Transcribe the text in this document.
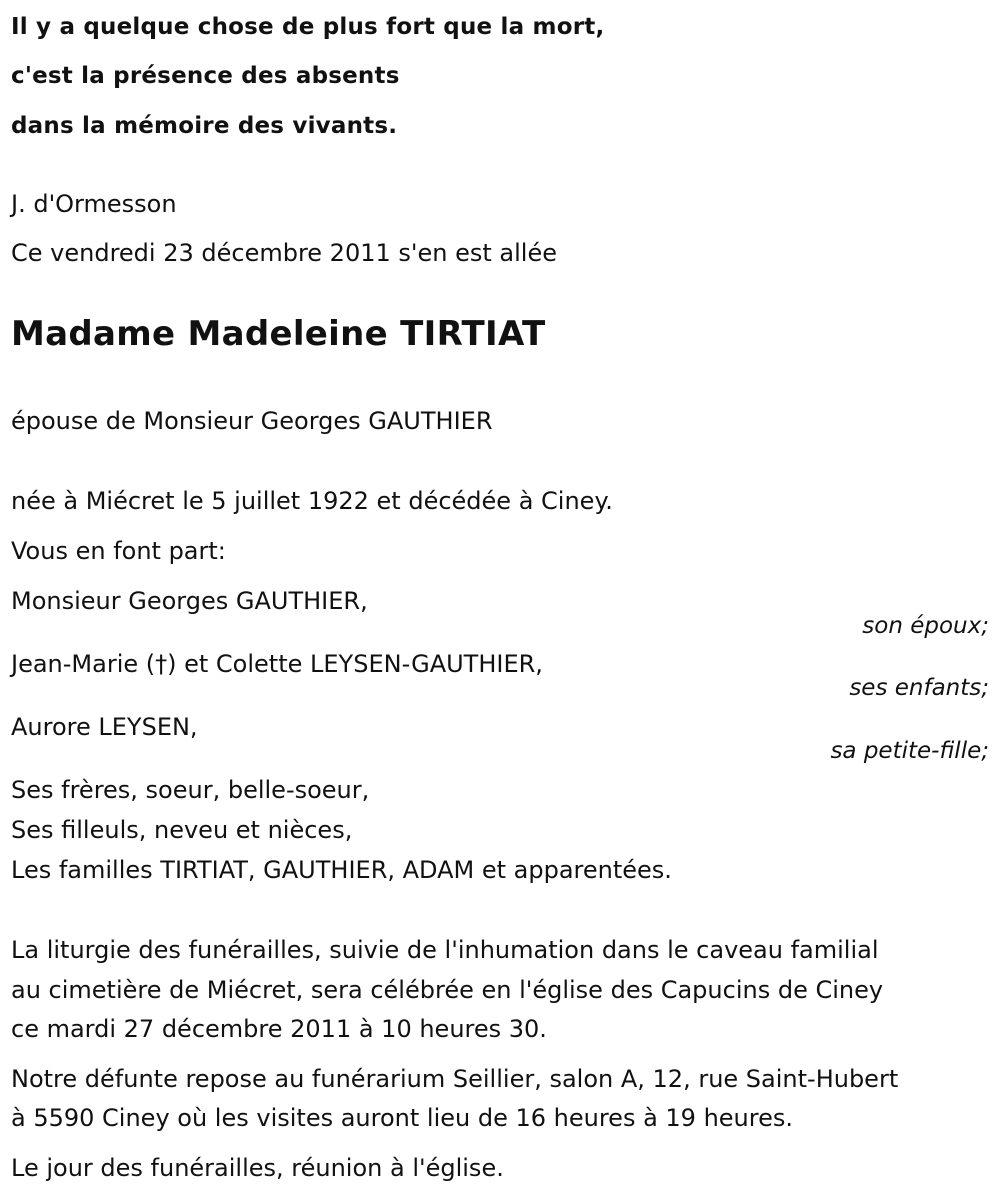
Il y a quelque chose de plus fort que la mort,

c'est la présence des absents

dans la mémoire des vivants.

J. d'Ormesson

Ce vendredi 23 décembre 2011 s'en est allée

Madame Madeleine TIRTIAT

épouse de Monsieur Georges GAUTHIER

née à Miécret le 5 juillet 1922 et décédée à Ciney.

Vous en font part:

Monsieur Georges GAUTHIER,

son époux;

Jean-Marie (†) et Colette LEYSEN-GAUTHIER,

ses enfants;

Aurore LEYSEN,

sa petite-fille;

Ses frères, soeur, belle-soeur,

Ses filleuls, neveu et nièces,

Les familles TIRTIAT, GAUTHIER, ADAM et apparentées.

La liturgie des funérailles, suivie de l'inhumation dans le caveau familial

au cimetière de Miécret, sera célébrée en l'église des Capucins de Ciney

ce mardi 27 décembre 2011 à 10 heures 30.

Notre défunte repose au funérarium Seillier, salon A, 12, rue Saint-Hubert

à 5590 Ciney où les visites auront lieu de 16 heures à 19 heures.

Le jour des funérailles, réunion à l'église.
